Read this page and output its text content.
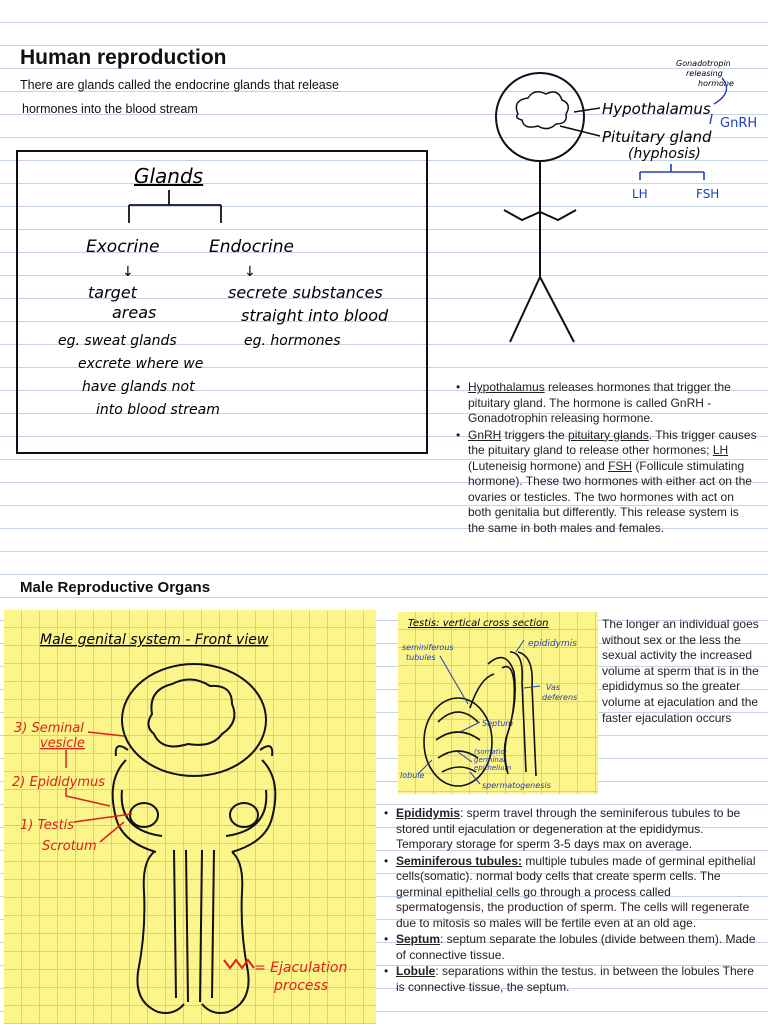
Human reproduction
There are glands called the endocrine glands that release
hormones into the blood stream
Glands
Exocrine	Endocrine
↓	↓
target
areas
eg. sweat glands
excrete where we
have glands not
into blood stream
secrete substances
straight into blood
eg. hormones
Gonadotropin
releasing
hormone
Hypothalamus
GnRH
Pituitary gland
(hyphosis)
LH	FSH
• Hypothalamus releases hormones that trigger the pituitary gland. The hormone is called GnRH - Gonadotrophin releasing hormone.
• GnRH triggers the pituitary glands. This trigger causes the pituitary gland to release other hormones; LH (Luteneisig hormone) and FSH (Follicule stimulating hormone). These two hormones with either act on the ovaries or testicles. The two hormones with act on both genitalia but differently. This release system is the same in both males and females.
Male Reproductive Organs
Male genital system - Front view
3) Seminal
vesicle
2) Epididymus
1) Testis
Scrotum
= Ejaculation
process
Testis: vertical cross section
seminiferous
tubules
epididymis
Vas
deferens
Septum
lobule
(somatic)
germinal
epithelium
spermatogenesis
The longer an individual goes without sex or the less the sexual activity the increased volume at sperm that is in the epididymus so the greater volume at ejaculation and the faster ejaculation occurs
• Epididymis: sperm travel through the seminiferous tubules to be stored until ejaculation or degeneration at the epididymus. Temporary storage for sperm 3-5 days max on average.
• Seminiferous tubules: multiple tubules made of germinal epithelial cells(somatic). normal body cells that create sperm cells. The germinal epithelial cells go through a process called spermatogensis, the production of sperm. The cells will regenerate due to mitosis so males will be fertile even at an old age.
• Septum: septum separate the lobules (divide between them). Made of connective tissue.
• Lobule: separations within the testus. in between the lobules There is connective tissue, the septum.
